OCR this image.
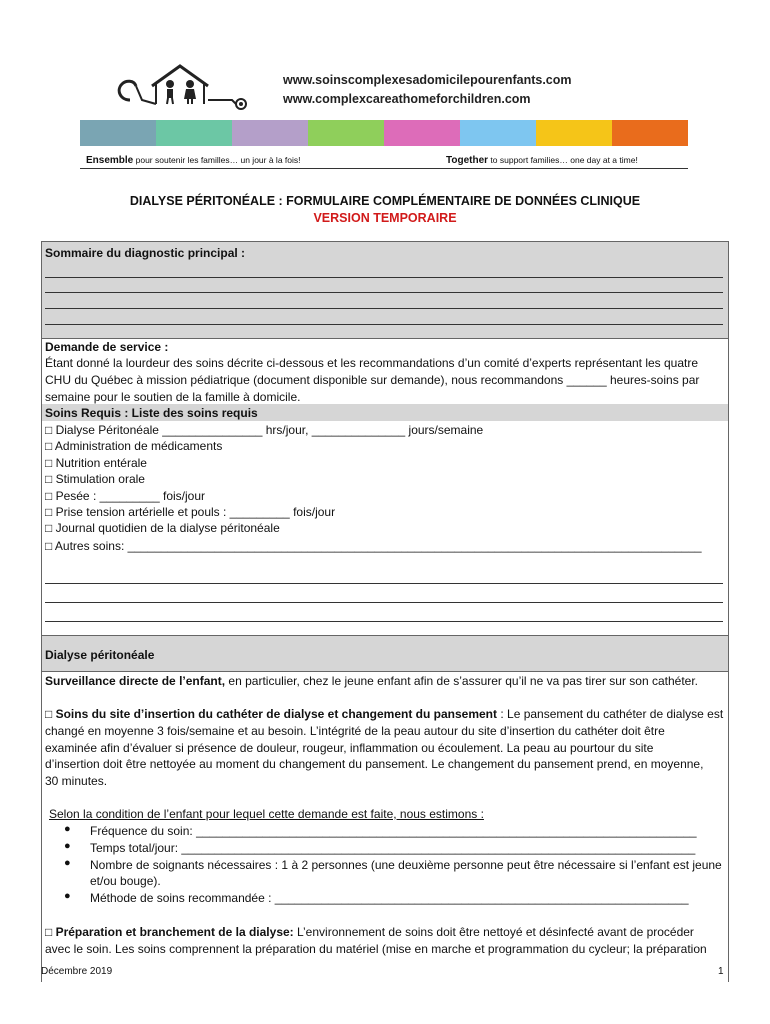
www.soinscomplexesadomicilepourenfants.com
www.complexcareathomeforchildren.com
Ensemble pour soutenir les familles… un jour à la fois!	Together to support families… one day at a time!
DIALYSE PÉRITONÉALE : FORMULAIRE COMPLÉMENTAIRE DE DONNÉES CLINIQUE
VERSION TEMPORAIRE
Sommaire du diagnostic principal :
Demande de service :
Étant donné la lourdeur des soins décrite ci-dessous et les recommandations d’un comité d’experts représentant les quatre
CHU du Québec à mission pédiatrique (document disponible sur demande), nous recommandons ______ heures-soins par
semaine pour le soutien de la famille à domicile.
Soins Requis : Liste des soins requis
□ Dialyse Péritonéale _______________ hrs/jour, ______________ jours/semaine
□ Administration de médicaments
□ Nutrition entérale
□ Stimulation orale
□ Pesée : _________ fois/jour
□ Prise tension artérielle et pouls : _________ fois/jour
□ Journal quotidien de la dialyse péritonéale
□ Autres soins: ______________________________________________________________________________________
Dialyse péritonéale
Surveillance directe de l’enfant, en particulier, chez le jeune enfant afin de s’assurer qu’il ne va pas tirer sur son cathéter.
□ Soins du site d’insertion du cathéter de dialyse et changement du pansement : Le pansement du cathéter de dialyse est
changé en moyenne 3 fois/semaine et au besoin. L’intégrité de la peau autour du site d’insertion du cathéter doit être
examinée afin d’évaluer si présence de douleur, rougeur, inflammation ou écoulement. La peau au pourtour du site
d’insertion doit être nettoyée au moment du changement du pansement. Le changement du pansement prend, en moyenne,
30 minutes.
Selon la condition de l’enfant pour lequel cette demande est faite, nous estimons :
● Fréquence du soin: ___________________________________________________________________________
● Temps total/jour: _____________________________________________________________________________
● Nombre de soignants nécessaires : 1 à 2 personnes (une deuxième personne peut être nécessaire si l’enfant est jeune
et/ou bouge).
● Méthode de soins recommandée : ______________________________________________________________
□ Préparation et branchement de la dialyse: L’environnement de soins doit être nettoyé et désinfecté avant de procéder
avec le soin. Les soins comprennent la préparation du matériel (mise en marche et programmation du cycleur; la préparation
Décembre 2019	1
